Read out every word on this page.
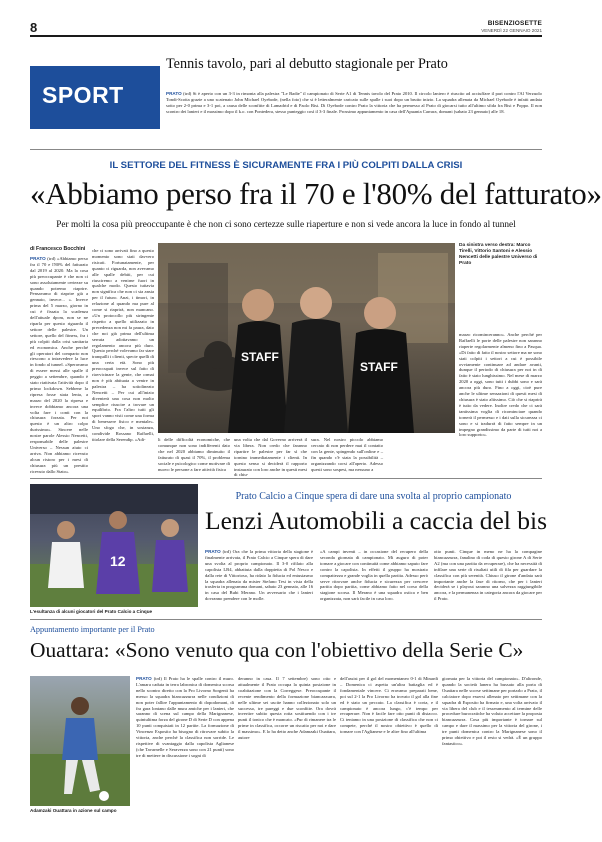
8	BISENZIOSETTE
VENERDÌ 22 GENNAIO 2021
SPORT
Tennis tavolo, pari al debutto stagionale per Prato
PRATO (trd) Si è aperto con un 3-3 in rimonta alla palestra "Le Badie" il campionato di Serie A1 di Tennis tavolo del Prato 2010. Il circolo laniero è riuscito ad acciuffare il pari contro l'Al Verzuolo Tondi-Scotta grazie a uno scatenato John Michael Oyebode, (nella foto) che si è letteralmente caricato sulle spalle i suoi dopo un brutto inizio. La squadra allenata da Michael Oyebode è infatti andata sotto per 2-0 prima e 3-1 poi, a causa delle sconfitte di Lamadrid e di Paolo Bisi. Di Oyebode contro Prato la vittoria che ha permesso al Prato di giocarsi tutto all'ultimo sfida fra Bisi e Poppo. Il non scontro dei lanieri e il massimo dopo il k.o. con Pontedera, stesso punteggio così il 3-3 finale. Prossimo appuntamento in casa dell'Apuania Carrara, domani (sabato 23 gennaio) alle 18.
IL SETTORE DEL FITNESS È SICURAMENTE FRA I PIÙ COLPITI DALLA CRISI
«Abbiamo perso fra il 70 e l'80% del fatturato»
Per molti la cosa più preoccupante è che non ci sono certezze sulle riaperture e non si vede ancora la luce in fondo al tunnel
di Francesco Bocchini
PRATO (trd) «Abbiamo perso fra il 70 e l'80% del fatturato dal 2019 al 2020. Ma la cosa più preoccupante è che non ci sono assolutamente certezze su quando potremo riaprire. Pensavamo di riaprire già a gennaio, invece... ». Invece prima del 5 marzo, giorno in cui è fissata la scadenza dell'attuale dpcm, non se ne riparla per questo riguarda il settore delle palestre. Un settore, quello del fitness, fra i più colpiti dalla crisi sanitaria ed economica. Anche perché gli operatori del comparto non riescono a intravedere la luce in fondo al tunnel. «Speravamo di essere messi alle spalle il peggio a settembre, quando è stato riattivata l'attività dopo il primo lockdown. Sebbene la ripresa fosse stata lenta, a marzo del 2020 la ripresa e invece dobbiamo ancora una volta fare i conti con la chiusura forzata. Per noi questo è un altro colpo durissimo». Sincere nelle nostre parole Alessio Nencetti, responsabile delle palestre Universo – Nessun aiuto ci arriva. Non abbiamo ricevuto alcun ristoro per i mesi di chiusura più un prestito ricevuto dallo Stato».
che ci sono arrivati fino a questo momento sono stati davvero risicati. Fortunatamente, per quanto ci riguarda, non avevamo alle spalle debiti, per cui riusciremo a venirne fuori in qualche modo. Questo tuttavia non significa che non ci sia ansia per il futuro. Anzi, i timori, in relazione al quando ma pure al come si riaprirà, non mancano. «Un protocollo più stringente rispetto a quello utilizzato in precedenza non mi fa paura, dato che noi già prima dell'ultima serrata adottavamo un regolamento ancora più duro. Questo perché volevamo far stare tranquilli i clienti, specie quelli di una certa età. Sono più preoccupati invece sul fatto di riavvicinare la gente, che ormai non è più abituata a venire in palestra – ha sottolineato Nencetti – Per cui all'inizio diventerà una cosa non molto semplice riuscire a trovare un equilibrio. Fra l'altro tutti gli sport vanno visti come una forma di benessere fisico e mentale». Uno sfogo che, in sostanza, condivide Rossano Raffaelli, titolare della Serendip. «Adi-
STAFF
STAFF
Da sinistra verso destra: Marco Tirelli, Vittorio Santoni e Alessio Nencetti delle palestre Universo di Prato
marzo ricominceranno». Anche perché per Raffaelli le porte delle palestre non saranno riaperte regolarmente almeno fino a Pasqua. «Di fatto di fatto il nostro settore ma ne sono stati colpiti i settori a cui è possibile ovviamente continuare ad andare avanti, dunque il periodo di chiusura per noi in di fatto è stato lunghissimo. Nel mese di marzo 2020 a oggi, sono tutti i dubbi sono e sarà ancora più duro. Fino a oggi, cioè pure anche le ultime sensazioni di questi mesi di chiusura è stato altissimo. Ciò che si riaprirà è tutto da vedere. Inoltre credo che ci sarà tantissima voglia di ricominciare quando tornerà il permesso e i dati sulla sicurezza ci sono e si tradurrà di fatto sempre in un impegno grandissimo da parte di tutti noi a loro supporto».
li delle difficoltà economiche, che comunque non sono indifferenti dato che nel 2020 abbiamo diminuito il fatturato di quasi il 70%, il problema sociale e psicologico come motivare di nuovo le persone a fare attività fisica
una volta che dal Governo arriverà il via libera. Non credo che faranno ripartire le palestre per far sì che tornino immediatamente i clienti. In questo senso si deciderà il rapporto instaurato con loro anche in questi mesi di chiu-
sura. Nel nostro piccolo abbiamo cercato di non perdere mai il contatto con la gente, spingendo sull'online e – fin quando c'è stata la possibilità – organizzando corsi all'aperto. Adesso questi sono sospesi, ma nessuno a
12
L'esultanza di alcuni giocatori del Prato Calcio a Cinque
Prato Calcio a Cinque spera di dare una svolta al proprio campionato
Lenzi Automobili a caccia del bis
PRATO (trd) Ora che la prima vittoria della stagione è finalmente arrivata, il Prato Calcio a Cinque spera di dare una svolta al proprio campionato. Il 3-0 rifilato alla capolista LB4, abbattuta dalla doppietta di Pol Nesco e dalla rete di Vittorioso, ha ridato la fiducia ed entusiasmo la squadra allenata da mister Stefano Tesi in vista della trasferta in programma domani, sabato 23 gennaio, alle 16 in casa del Bubi Merano. Un avversario che i lanieri dovranno prendere con le molle.
«A campi inventi – in occasione del recupero della seconda giornata di campionato. Mi auguro di poter tornare a giocare con continuità come abbiamo saputo fare contro la capolista. In effetti il gruppo ha mostrato compattezza e grande voglia in quella partita. Adesso però serve ritrovare anche fiducia e sicurezza per crescere partita dopo partita, come abbiamo fatto nel corso della stagione scorsa. Il Merano è una squadra ostica e ben organizzata, non sarà facile in casa loro.
otto punti. Cinque in meno ne ha la compagine biancazzurra, fanalino di coda di questo girone A di Serie A2 (ma con una partita da recuperare), che ha necessità di infilare una serie di risultati utili di fila per guardare la classifica con più serenità. Chiuso il girone d'andata sarà importante anche la fase di ritorno, che per i lanieri deciderà se i playout saranno una salvezza raggiungibile ancora, e la permanenza in categoria ancora da giocare per il Prato.
Appuntamento importante per il Prato
Ouattara: «Sono venuto qua con l'obiettivo della Serie C»
Adamzaki Ouattara in azione sul campo
PRATO (trd) Il Prato ha le spalle contro il muro. L'amara caduta in terra labronica di domenica scorsa nello scontro diretto con la Pro Livorno Sorgenti ha messo la squadra biancazzurra nelle condizioni di non poter fallire l'appuntamento di dopodomani, di fra gara lontano dalle mura amiche per i lanieri, che saranno di scena sul campo della Marignanese, quintultima forza del girone D di Serie D con appena 10 punti conquistati in 12 partite. La formazione di Vincenzo Esposito ha bisogno di ritrovare subito la vittoria, anche perché la classifica non sorride. Le rispettive di svantaggio dalla capolista Aglianese (che Tavarnelle e Seravezza sono con 21 punti) sono tre di mettere in discussione i sogni di
deranno in casa. Il 7 settembre) sono otto e attualmente il Prato occupa la quinta posizione in coabitazione con la Correggese. Preoccupante il recente rendimento della formazione biancazzurra, nelle ultime sei uscite hanno collezionato solo un successo, tre pareggi e due sconfitte. Ora dovrà invertire subito questa rotta sostituendo con i tre punti il tonico che è mancato. «Pur di rimanere tra le prime in classifica, occorre un riscatto per noi e dare il massimo». E lo ha detto anche Adamzaki Ouattara, autore
dell'assist per il gol del momentaneo 0-1 di Minardi – Domenica ci aspetta un'altra battaglia ed è fondamentale vincere. Ci eravamo preparati bene, poi sul 2-1 la Pro Livorno ha trovato il gol alla fine ed è stato un peccato. La classifica è corta, e il campionato è ancora lungo, c'è tempo per recuperare. Non è facile fare otto punti di distacco. Ci teniamo in una posizione di classifica che non ci compete, perché il nostro obiettivo è quello di tornare con l'Aglianese e le altre fino all'ultima
giornata per la vittoria del campionato». D'altronde, quando la società lanera ha bussato alla porta di Ouattara nelle scorse settimane per portarlo a Prato, il calciatore dopo essersi allenato per settimane con la squadra di Esposito ha firmato e, una volta arrivato il via libera del club e il tesseramento al termine delle procedure burocratiche ha voluto accettare la proposta biancazzurra. Cosa più importante è tornare sul campo e dare il massimo per la vittoria del girone, i tre punti domenica contro la Marignanese sono il primo obiettivo e poi il resto si vedrà. «È un gruppo fantastico».
